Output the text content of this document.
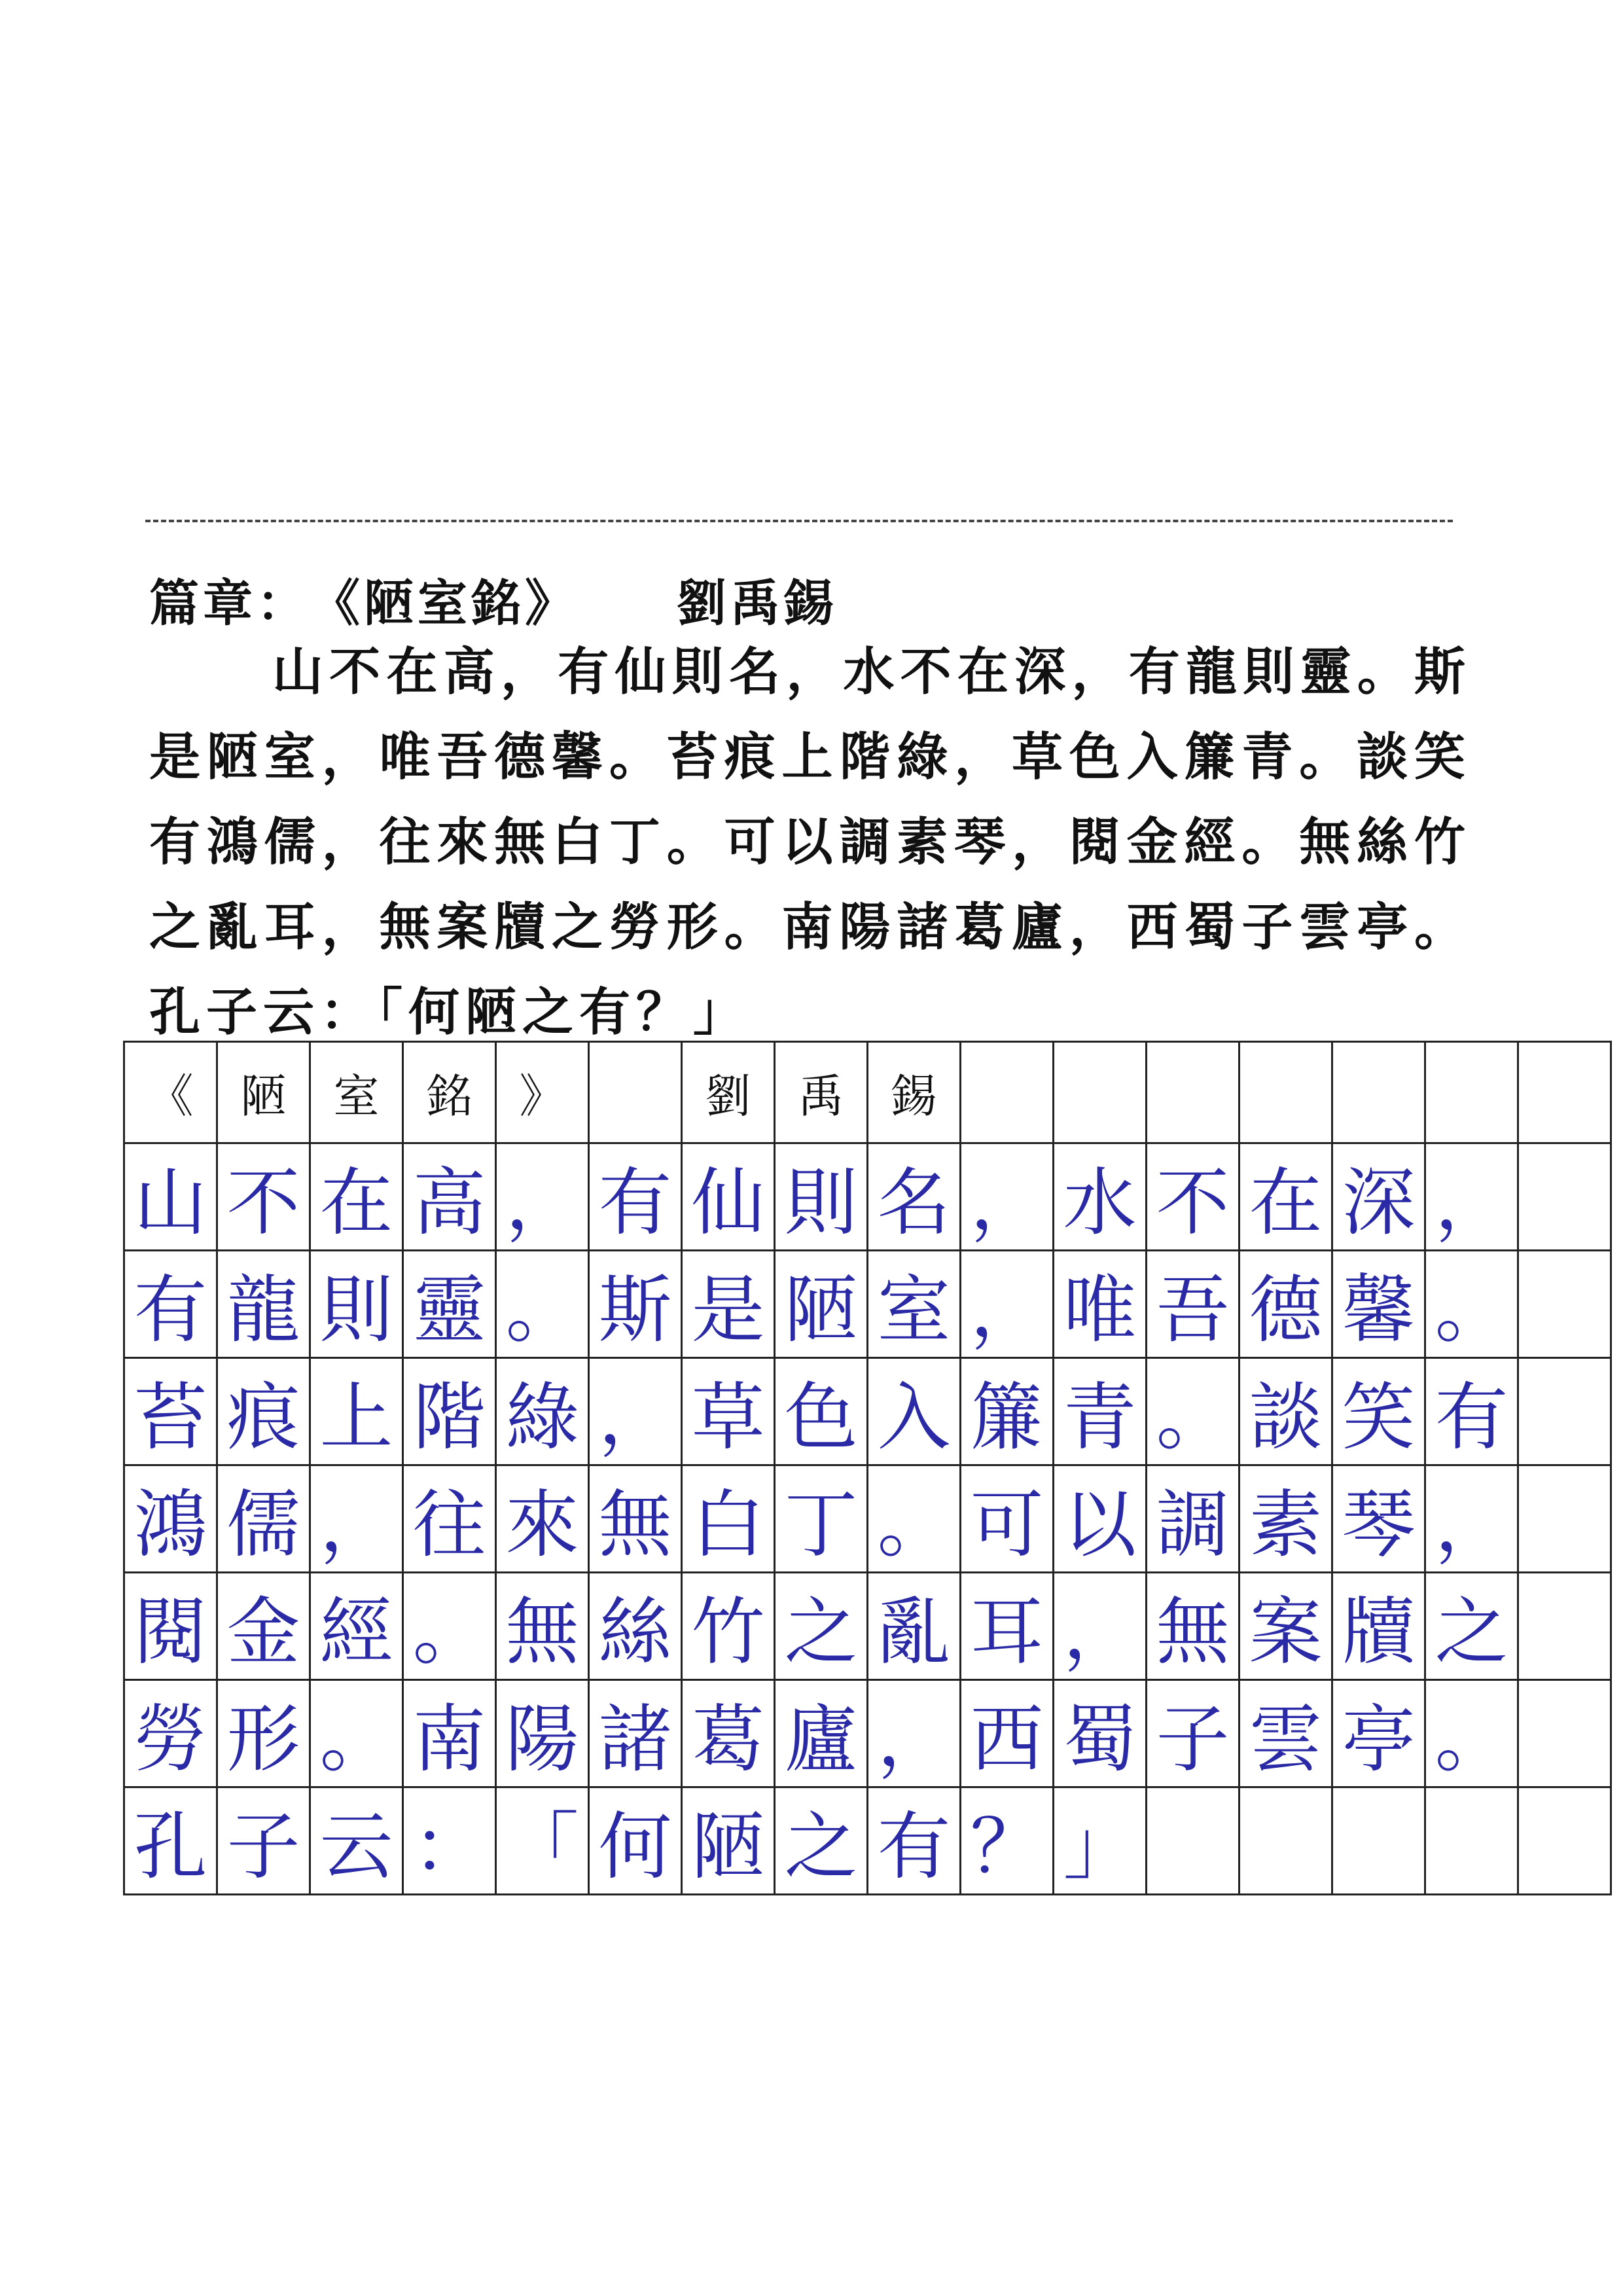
篇章： 《陋室銘》 劉禹錫
山不在高，有仙則名，水不在深，有龍則靈。斯是陋室，唯吾德馨。苔痕上階綠，草色入簾青。談笑有鴻儒，往來無白丁。可以調素琴，閱金經。無絲竹之亂耳，無案牘之勞形。南陽諸葛廬，西蜀子雲亭。孔子云：「何陋之有？」
《	陋	室	銘	》		劉	禹	錫							
山	不	在	高	，	有	仙	則	名	，	水	不	在	深	，	
有	龍	則	靈	。	斯	是	陋	室	，	唯	吾	德	馨	。	
苔	痕	上	階	綠	，	草	色	入	簾	青	。	談	笑	有	
鴻	儒	，	往	來	無	白	丁	。	可	以	調	素	琴	，	
閱	金	經	。	無	絲	竹	之	亂	耳	，	無	案	牘	之	
勞	形	。	南	陽	諸	葛	廬	，	西	蜀	子	雲	亭	。	
孔	子	云	：	「	何	陋	之	有	？	」					
